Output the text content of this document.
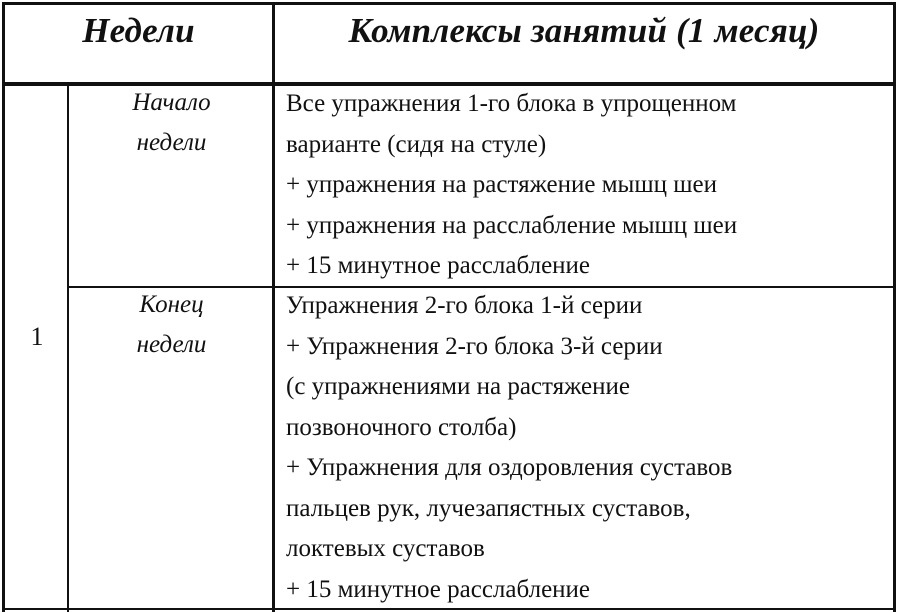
Недели	Комплексы занятий (1 месяц)
1
Начало
недели
Все упражнения 1-го блока в упрощенном
варианте (сидя на стуле)
+ упражнения на растяжение мышц шеи
+ упражнения на расслабление мышц шеи
+ 15 минутное расслабление
Конец
недели
Упражнения 2-го блока 1-й серии
+ Упражнения 2-го блока 3-й серии
(с упражнениями на растяжение
позвоночного столба)
+ Упражнения для оздоровления суставов
пальцев рук, лучезапястных суставов,
локтевых суставов
+ 15 минутное расслабление
